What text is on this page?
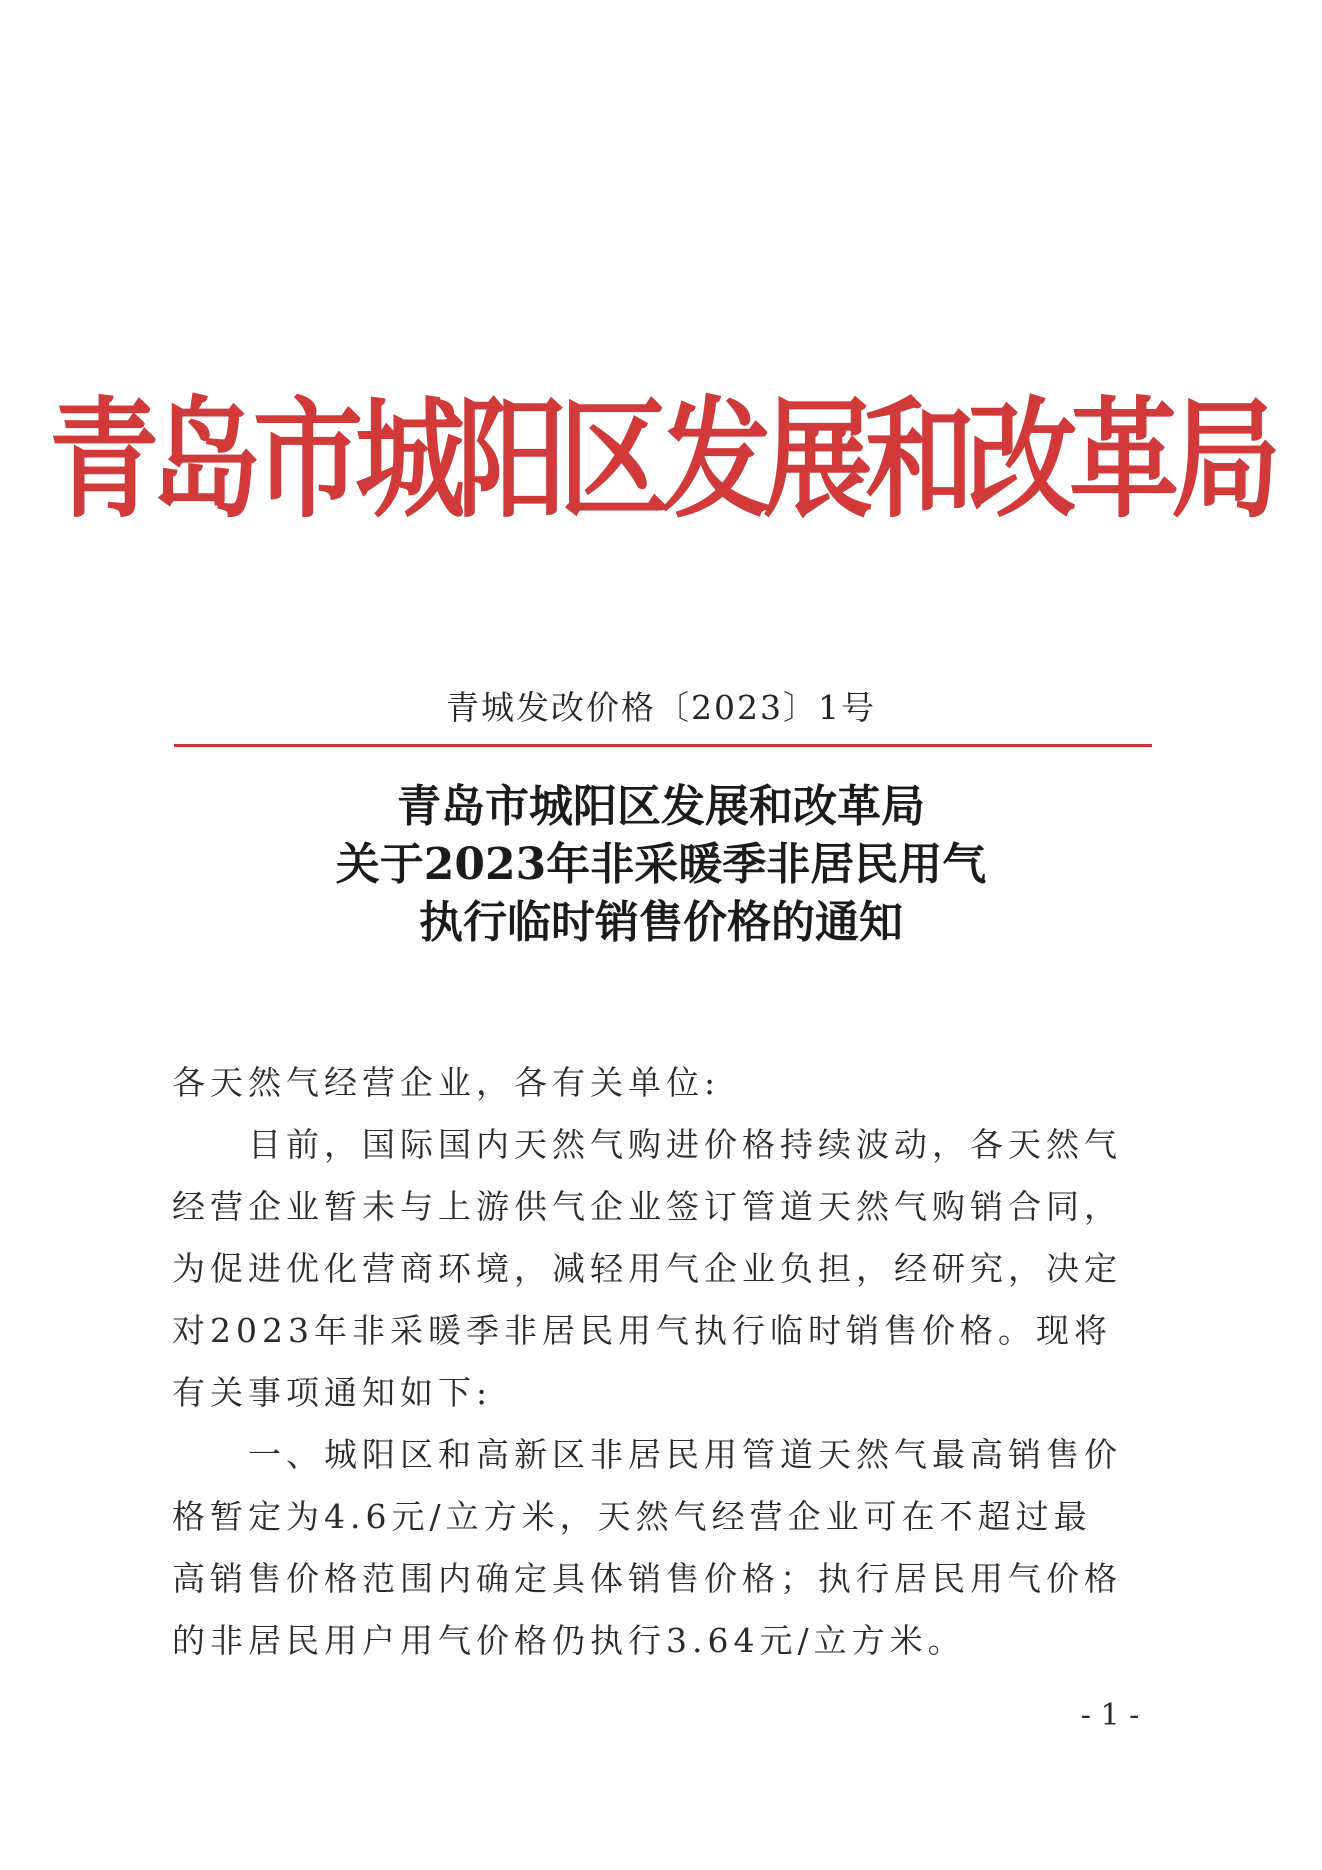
青岛市城阳区发展和改革局
青城发改价格〔2023〕1号
青岛市城阳区发展和改革局
关于2023年非采暖季非居民用气
执行临时销售价格的通知

各天然气经营企业，各有关单位:

目前，国际国内天然气购进价格持续波动，各天然气经营企业暂未与上游供气企业签订管道天然气购销合同，为促进优化营商环境，减轻用气企业负担，经研究，决定对2023年非采暖季非居民用气执行临时销售价格。现将有关事项通知如下:

一、城阳区和高新区非居民用管道天然气最高销售价格暂定为4.6元/立方米，天然气经营企业可在不超过最高销售价格范围内确定具体销售价格；执行居民用气价格的非居民用户用气价格仍执行3.64元/立方米。

- 1 -
